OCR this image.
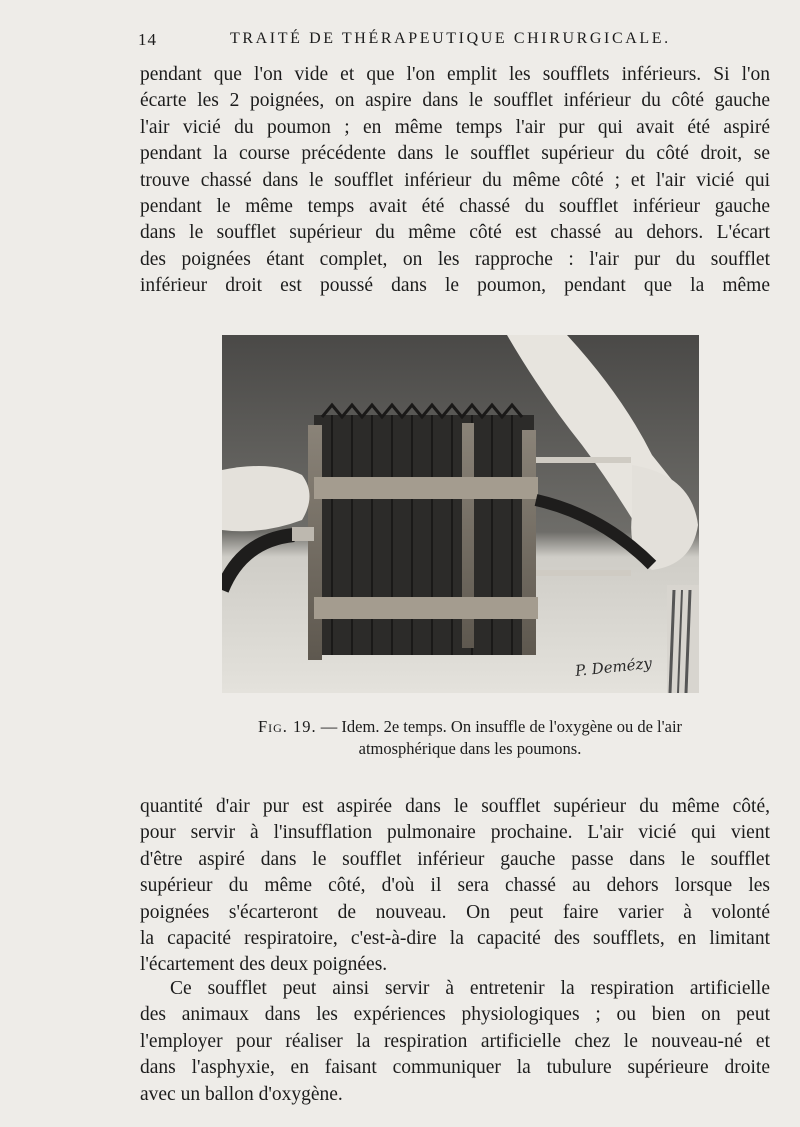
14	TRAITÉ DE THÉRAPEUTIQUE CHIRURGICALE.
pendant que l'on vide et que l'on emplit les soufflets inférieurs. Si l'on
écarte les 2 poignées, on aspire dans le soufflet inférieur du côté gauche
l'air vicié du poumon ; en même temps l'air pur qui avait été aspiré
pendant la course précédente dans le soufflet supérieur du côté droit, se
trouve chassé dans le soufflet inférieur du même côté ; et l'air vicié qui
pendant le même temps avait été chassé du soufflet inférieur gauche
dans le soufflet supérieur du même côté est chassé au dehors. L'écart
des poignées étant complet, on les rapproche : l'air pur du soufflet
inférieur droit est poussé dans le poumon, pendant que la même
P. Demézy
Fig. 19. — Idem. 2e temps. On insuffle de l'oxygène ou de l'air
atmosphérique dans les poumons.
quantité d'air pur est aspirée dans le soufflet supérieur du même côté,
pour servir à l'insufflation pulmonaire prochaine. L'air vicié qui vient
d'être aspiré dans le soufflet inférieur gauche passe dans le soufflet
supérieur du même côté, d'où il sera chassé au dehors lorsque les
poignées s'écarteront de nouveau. On peut faire varier à volonté
la capacité respiratoire, c'est-à-dire la capacité des soufflets, en limitant
l'écartement des deux poignées.
Ce soufflet peut ainsi servir à entretenir la respiration artificielle
des animaux dans les expériences physiologiques ; ou bien on peut
l'employer pour réaliser la respiration artificielle chez le nouveau-né et
dans l'asphyxie, en faisant communiquer la tubulure supérieure droite
avec un ballon d'oxygène.
